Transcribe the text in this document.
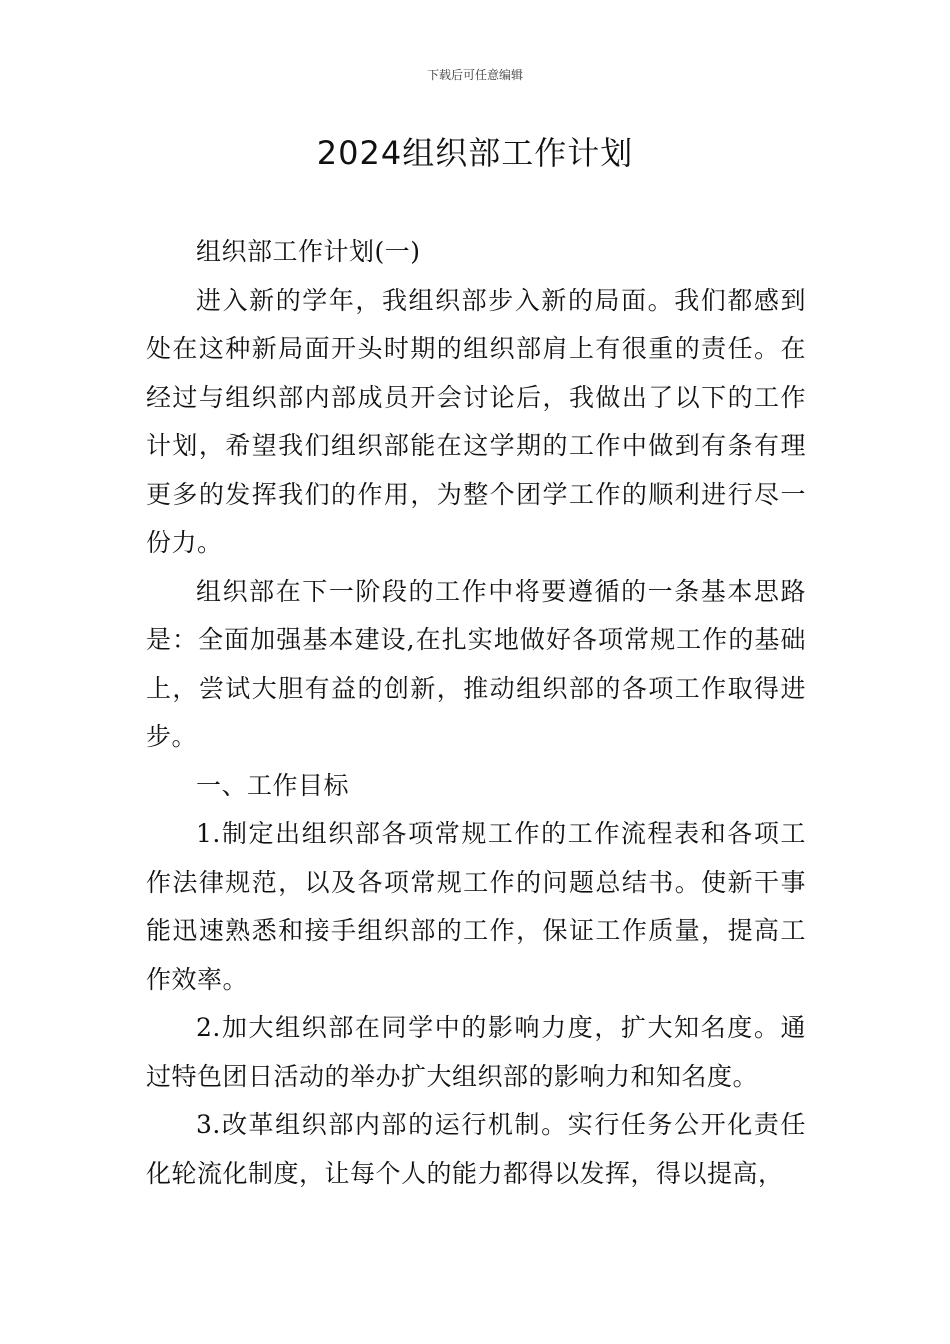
下载后可任意编辑
2024组织部工作计划

组织部工作计划(一)

进入新的学年，我组织部步入新的局面。我们都感到处在这种新局面开头时期的组织部肩上有很重的责任。在经过与组织部内部成员开会讨论后，我做出了以下的工作计划，希望我们组织部能在这学期的工作中做到有条有理更多的发挥我们的作用，为整个团学工作的顺利进行尽一份力。

组织部在下一阶段的工作中将要遵循的一条基本思路是：全面加强基本建设,在扎实地做好各项常规工作的基础上，尝试大胆有益的创新，推动组织部的各项工作取得进步。

一、工作目标

1.制定出组织部各项常规工作的工作流程表和各项工作法律规范，以及各项常规工作的问题总结书。使新干事能迅速熟悉和接手组织部的工作，保证工作质量，提高工作效率。

2.加大组织部在同学中的影响力度，扩大知名度。通过特色团日活动的举办扩大组织部的影响力和知名度。

3.改革组织部内部的运行机制。实行任务公开化责任化轮流化制度，让每个人的能力都得以发挥，得以提高，
